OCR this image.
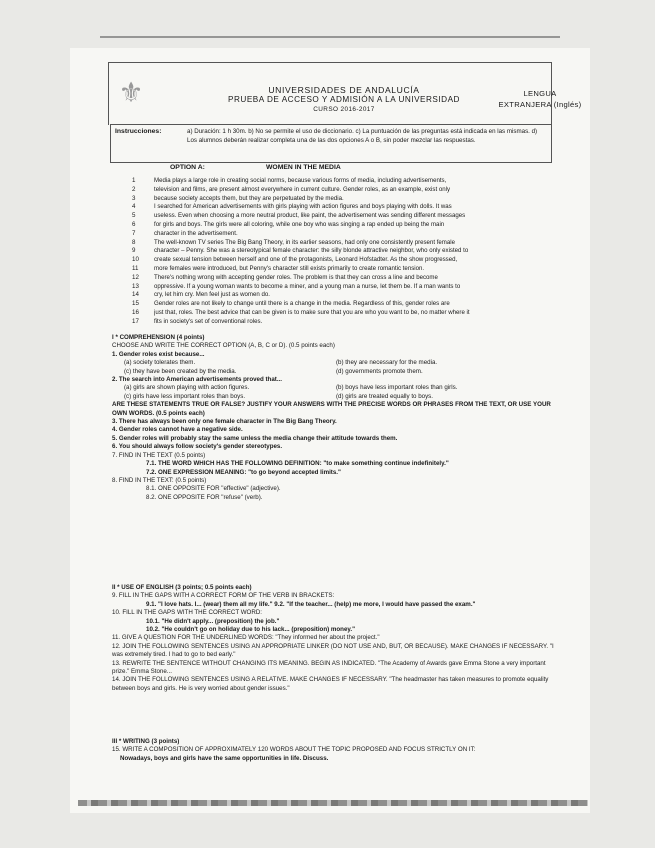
⚜	UNIVERSIDADES DE ANDALUCÍA
PRUEBA DE ACCESO Y ADMISIÓN A LA UNIVERSIDAD
CURSO 2016-2017
LENGUA
EXTRANJERA (Inglés)
Instrucciones:	a) Duración: 1 h 30m. b) No se permite el uso de diccionario. c) La puntuación de las preguntas está indicada en las mismas. d) Los alumnos deberán realizar completa una de las dos opciones A o B, sin poder mezclar las respuestas.
OPTION A:	WOMEN IN THE MEDIA
1	Media plays a large role in creating social norms, because various forms of media, including advertisements,
2	television and films, are present almost everywhere in current culture. Gender roles, as an example, exist only
3	because society accepts them, but they are perpetuated by the media.
4	I searched for American advertisements with girls playing with action figures and boys playing with dolls. It was
5	useless. Even when choosing a more neutral product, like paint, the advertisement was sending different messages
6	for girls and boys. The girls were all coloring, while one boy who was singing a rap ended up being the main
7	character in the advertisement.
8	The well-known TV series The Big Bang Theory, in its earlier seasons, had only one consistently present female
9	character – Penny. She was a stereotypical female character: the silly blonde attractive neighbor, who only existed to
10	create sexual tension between herself and one of the protagonists, Leonard Hofstadter. As the show progressed,
11	more females were introduced, but Penny's character still exists primarily to create romantic tension.
12	There's nothing wrong with accepting gender roles. The problem is that they can cross a line and become
13	oppressive. If a young woman wants to become a miner, and a young man a nurse, let them be. If a man wants to
14	cry, let him cry. Men feel just as women do.
15	Gender roles are not likely to change until there is a change in the media. Regardless of this, gender roles are
16	just that, roles. The best advice that can be given is to make sure that you are who you want to be, no matter where it
17	fits in society's set of conventional roles.
I * COMPREHENSION (4 points)
CHOOSE AND WRITE THE CORRECT OPTION (A, B, C or D). (0.5 points each)
1. Gender roles exist because...
(a) society tolerates them.	(b) they are necessary for the media.
(c) they have been created by the media.	(d) governments promote them.
2. The search into American advertisements proved that...
(a) girls are shown playing with action figures.	(b) boys have less important roles than girls.
(c) girls have less important roles than boys.	(d) girls are treated equally to boys.
ARE THESE STATEMENTS TRUE OR FALSE? JUSTIFY YOUR ANSWERS WITH THE PRECISE WORDS OR PHRASES FROM THE TEXT, OR USE YOUR OWN WORDS. (0.5 points each)
3. There has always been only one female character in The Big Bang Theory.
4. Gender roles cannot have a negative side.
5. Gender roles will probably stay the same unless the media change their attitude towards them.
6. You should always follow society's gender stereotypes.
7. FIND IN THE TEXT (0.5 points)
7.1. THE WORD WHICH HAS THE FOLLOWING DEFINITION: "to make something continue indefinitely."
7.2. ONE EXPRESSION MEANING: "to go beyond accepted limits."
8. FIND IN THE TEXT: (0.5 points)
8.1. ONE OPPOSITE FOR "effective" (adjective).
8.2. ONE OPPOSITE FOR "refuse" (verb).
II * USE OF ENGLISH (3 points; 0.5 points each)
9. FILL IN THE GAPS WITH A CORRECT FORM OF THE VERB IN BRACKETS:
9.1. "I love hats. I... (wear) them all my life." 9.2. "If the teacher... (help) me more, I would have passed the exam."
10. FILL IN THE GAPS WITH THE CORRECT WORD:
10.1. "He didn't apply... (preposition) the job."
10.2. "He couldn't go on holiday due to his lack... (preposition) money."
11. GIVE A QUESTION FOR THE UNDERLINED WORDS: "They informed her about the project."
12. JOIN THE FOLLOWING SENTENCES USING AN APPROPRIATE LINKER (DO NOT USE AND, BUT, OR BECAUSE). MAKE CHANGES IF NECESSARY. "I was extremely tired. I had to go to bed early."
13. REWRITE THE SENTENCE WITHOUT CHANGING ITS MEANING. BEGIN AS INDICATED. "The Academy of Awards gave Emma Stone a very important prize." Emma Stone...
14. JOIN THE FOLLOWING SENTENCES USING A RELATIVE. MAKE CHANGES IF NECESSARY. "The headmaster has taken measures to promote equality between boys and girls. He is very worried about gender issues."
III * WRITING (3 points)
15. WRITE A COMPOSITION OF APPROXIMATELY 120 WORDS ABOUT THE TOPIC PROPOSED AND FOCUS STRICTLY ON IT:
Nowadays, boys and girls have the same opportunities in life. Discuss.
